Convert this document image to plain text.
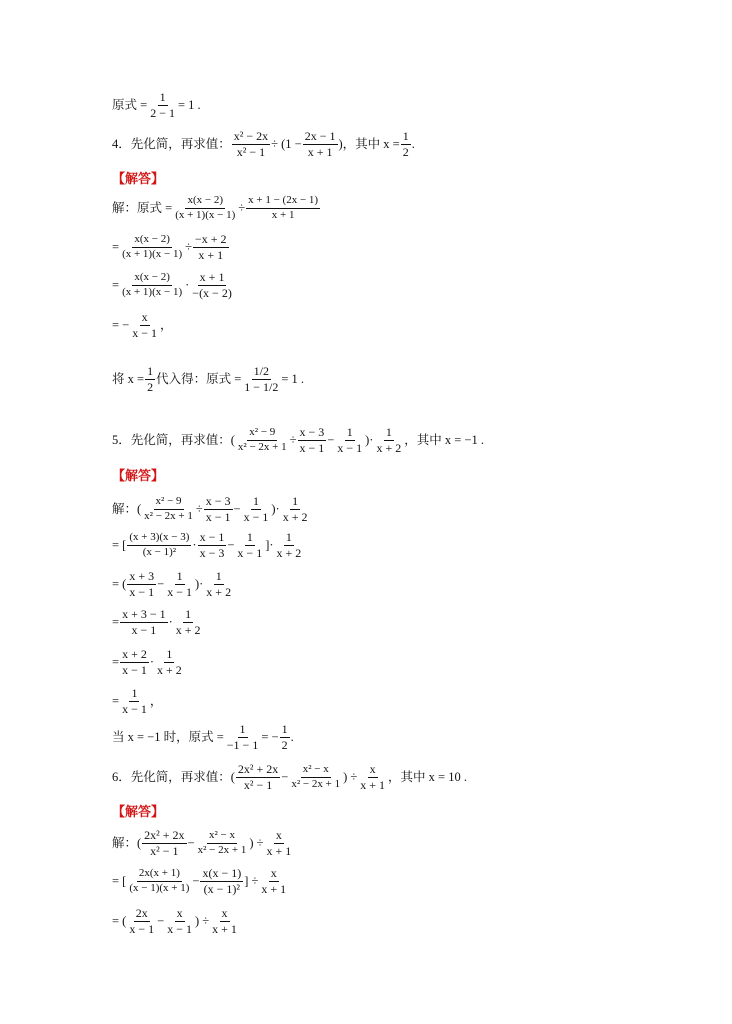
原式 = $\frac{1}{2 - 1} = 1$ .
4．先化简，再求值： $\frac{\text{x² − 2x}}{\text{x² − 1}} \div (1 - \frac{2x - 1}{x + 1}$ )，其中 $x = \frac{1}{2}$ .
【解答】
解：原式 = $\frac{x(x - 2)}{(x + 1)(x - 1)} \div \frac{x + 1 - (2x - 1)}{x + 1}$
= $\frac{x(x - 2)}{(x + 1)(x - 1)} \div \frac{-x + 2}{x + 1}$
= $\frac{x(x - 2)}{(x + 1)(x - 1)} \cdot \frac{x + 1}{-(x - 2)}$
= − $\frac{x}{x - 1}$ ，
将 $x = \frac{1}{2}$ 代入得：原式 = $\frac{1/2}{1 - 1/2} = 1$ .
5．先化简，再求值：( $\frac{\text{x² − 9}}{\text{x² − 2x + 1}} \div \frac{x - 3}{x - 1} - \frac{1}{x - 1}$ )· $\frac{1}{x + 2}$ ，其中 x = −1 .
【解答】
解：( $\frac{\text{x² − 9}}{\text{x² − 2x + 1}} \div \frac{x - 3}{x - 1} - \frac{1}{x - 1}$ )· $\frac{1}{x + 2}$
= [ $\frac{(x + 3)(x - 3)}{\text{(x − 1)²}} \cdot \frac{x - 1}{x - 3} - \frac{1}{x - 1}$ ]· $\frac{1}{x + 2}$
= ( $\frac{x + 3}{x - 1} - \frac{1}{x - 1}$ )· $\frac{1}{x + 2}$
= $\frac{x + 3 - 1}{x - 1} \cdot \frac{1}{x + 2}$
= $\frac{x + 2}{x - 1} \cdot \frac{1}{x + 2}$
= $\frac{1}{x - 1}$ ，
当 x = −1 时，原式 = $\frac{1}{-1 - 1}$ = − $\frac{1}{2}$ .
6．先化简，再求值：( $\frac{\text{2x² + 2x}}{\text{x² − 1}} - \frac{\text{x² − x}}{\text{x² − 2x + 1}}$ ) ÷ $\frac{x}{x + 1}$ ，其中 x = 10 .
【解答】
解：( $\frac{\text{2x² + 2x}}{\text{x² − 1}} - \frac{\text{x² − x}}{\text{x² − 2x + 1}}$ ) ÷ $\frac{x}{x + 1}$
= [ $\frac{2x(x + 1)}{(x - 1)(x + 1)} - \frac{x(x - 1)}{\text{(x − 1)²}}$ ] ÷ $\frac{x}{x + 1}$
= ( $\frac{2x}{x - 1} - \frac{x}{x - 1}$ ) ÷ $\frac{x}{x + 1}$
